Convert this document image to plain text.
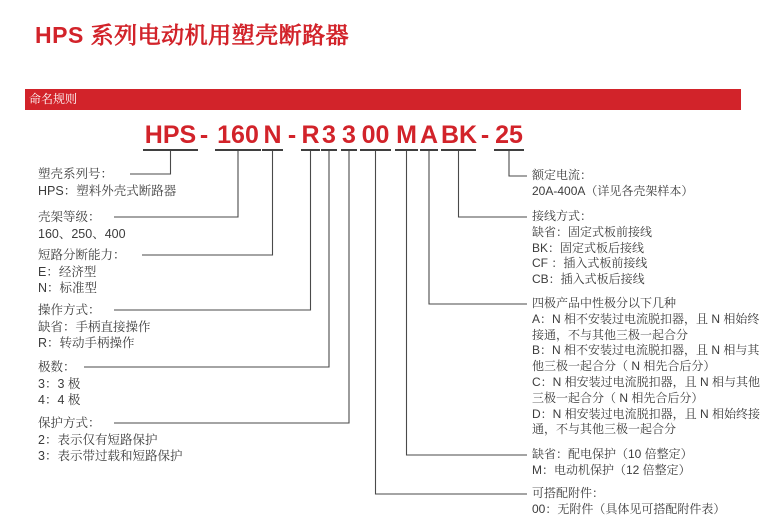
HPS 系列电动机用塑壳断路器
命名规则
HPS - 160 N - R 3 3 00 M A BK - 25
塑壳系列号：
HPS：塑料外壳式断路器
壳架等级：
160、250、400
短路分断能力：
E：经济型
N：标准型
操作方式：
缺省：手柄直接操作
R：转动手柄操作
极数：
3：3 极
4：4 极
保护方式：
2：表示仅有短路保护
3：表示带过载和短路保护
额定电流：
20A-400A（详见各壳架样本）
接线方式：
缺省：固定式板前接线
BK：固定式板后接线
CF ：插入式板前接线
CB：插入式板后接线
四极产品中性极分以下几种
A：N 相不安装过电流脱扣器，且 N 相始终
接通，不与其他三极一起合分
B：N 相不安装过电流脱扣器，且 N 相与其
他三极一起合分（ N 相先合后分）
C：N 相安装过电流脱扣器，且 N 相与其他
三极一起合分（ N 相先合后分）
D：N 相安装过电流脱扣器，且 N 相始终接
通，不与其他三极一起合分
缺省：配电保护（10 倍整定）
M：电动机保护（12 倍整定）
可搭配附件：
00：无附件（具体见可搭配附件表）
